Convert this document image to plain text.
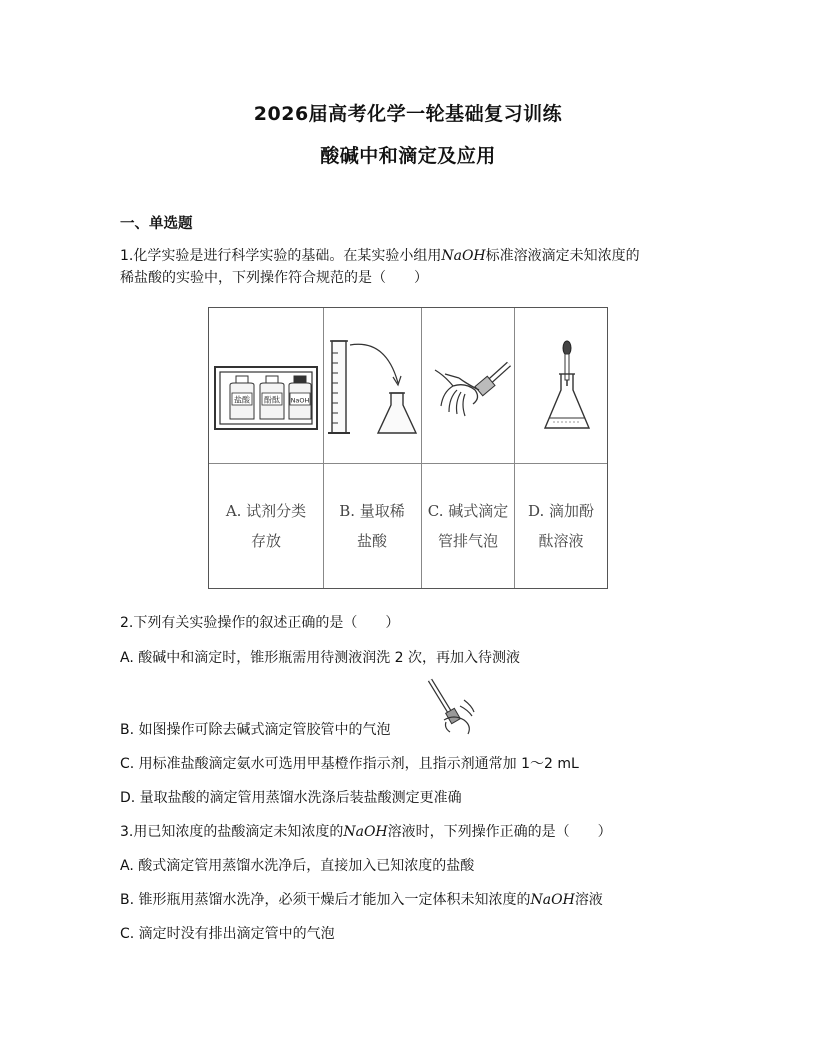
2026届高考化学一轮基础复习训练
酸碱中和滴定及应用
一、单选题
1.化学实验是进行科学实验的基础。在某实验小组用NaOH标准溶液滴定未知浓度的
稀盐酸的实验中，下列操作符合规范的是（　　）
盐酸 酚酞 NaOH
A. 试剂分类
存放
B. 量取稀
盐酸
C. 碱式滴定
管排气泡
D. 滴加酚
酞溶液
2.下列有关实验操作的叙述正确的是（　　）
A. 酸碱中和滴定时，锥形瓶需用待测液润洗 2 次，再加入待测液
B. 如图操作可除去碱式滴定管胶管中的气泡
C. 用标准盐酸滴定氨水可选用甲基橙作指示剂，且指示剂通常加 1～2 mL
D. 量取盐酸的滴定管用蒸馏水洗涤后装盐酸测定更准确
3.用已知浓度的盐酸滴定未知浓度的NaOH溶液时，下列操作正确的是（　　）
A. 酸式滴定管用蒸馏水洗净后，直接加入已知浓度的盐酸
B. 锥形瓶用蒸馏水洗净，必须干燥后才能加入一定体积未知浓度的NaOH溶液
C. 滴定时没有排出滴定管中的气泡
